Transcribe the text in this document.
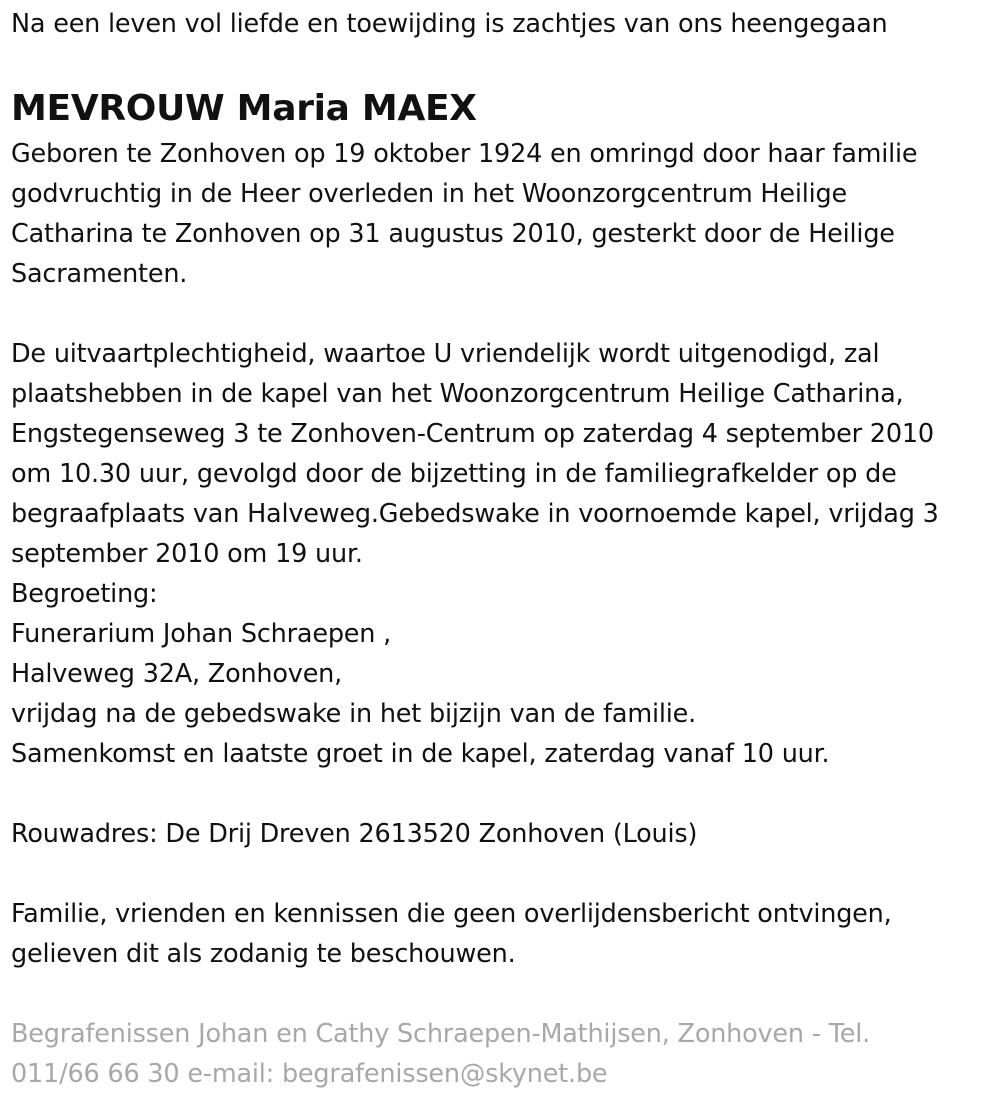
Na een leven vol liefde en toewijding is zachtjes van ons heengegaan
MEVROUW Maria MAEX
Geboren te Zonhoven op 19 oktober 1924 en omringd door haar familie
godvruchtig in de Heer overleden in het Woonzorgcentrum Heilige
Catharina te Zonhoven op 31 augustus 2010, gesterkt door de Heilige
Sacramenten.
De uitvaartplechtigheid, waartoe U vriendelijk wordt uitgenodigd, zal
plaatshebben in de kapel van het Woonzorgcentrum Heilige Catharina,
Engstegenseweg 3 te Zonhoven-Centrum op zaterdag 4 september 2010
om 10.30 uur, gevolgd door de bijzetting in de familiegrafkelder op de
begraafplaats van Halveweg.Gebedswake in voornoemde kapel, vrijdag 3
september 2010 om 19 uur.
Begroeting:
Funerarium Johan Schraepen ,
Halveweg 32A, Zonhoven,
vrijdag na de gebedswake in het bijzijn van de familie.
Samenkomst en laatste groet in de kapel, zaterdag vanaf 10 uur.
Rouwadres: De Drij Dreven 2613520 Zonhoven (Louis)
Familie, vrienden en kennissen die geen overlijdensbericht ontvingen,
gelieven dit als zodanig te beschouwen.
Begrafenissen Johan en Cathy Schraepen-Mathijsen, Zonhoven - Tel.
011/66 66 30 e-mail: begrafenissen@skynet.be
